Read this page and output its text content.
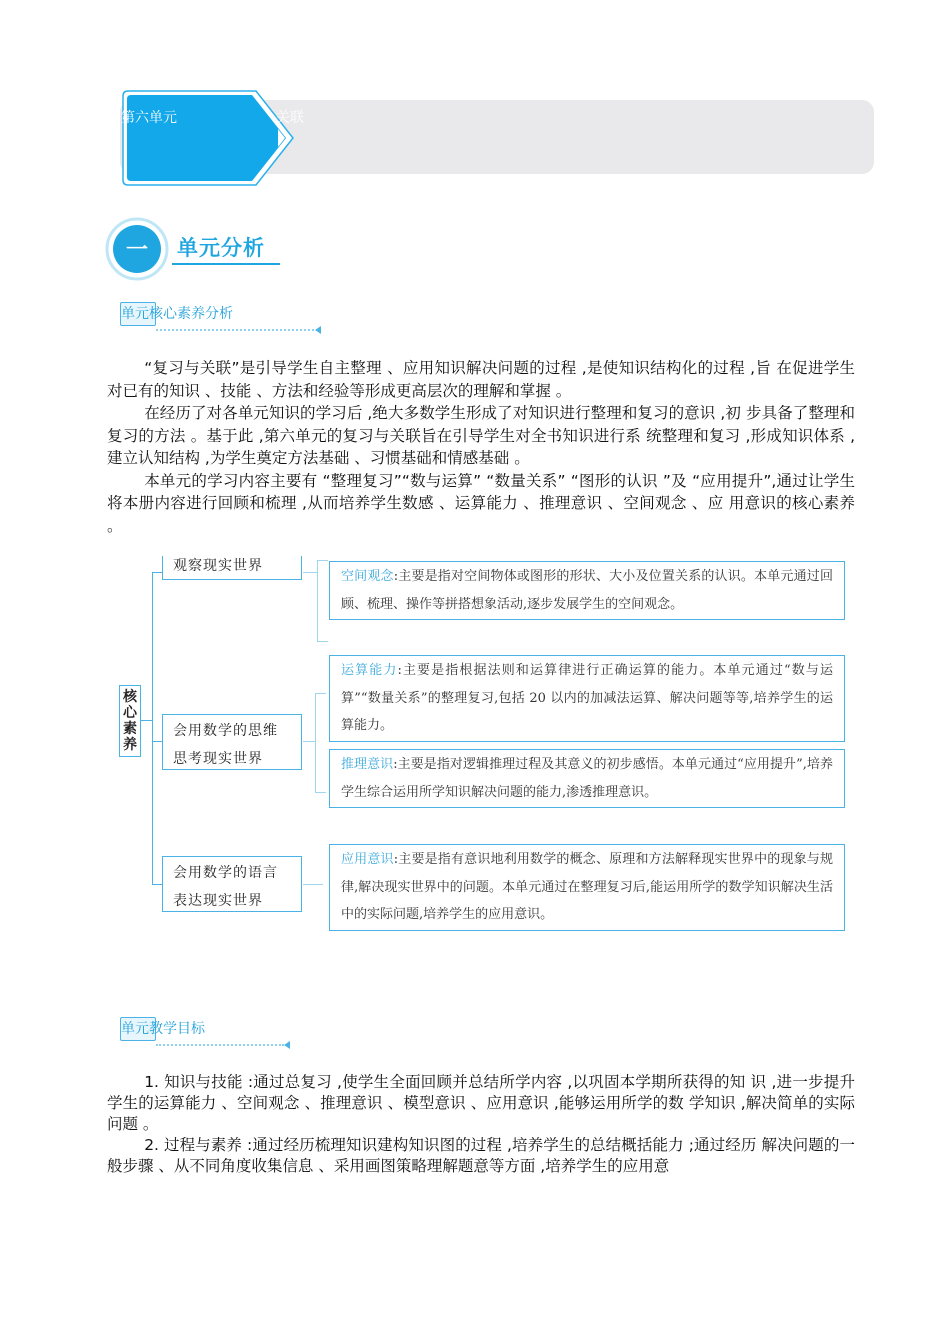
第六单元	关联
一 单元分析
单元核心素养分析

“复习与关联”是引导学生自主整理 、应用知识解决问题的过程 ,是使知识结构化的过程 ,旨 在促进学生对已有的知识 、技能 、方法和经验等形成更高层次的理解和掌握 。

在经历了对各单元知识的学习后 ,绝大多数学生形成了对知识进行整理和复习的意识 ,初 步具备了整理和复习的方法 。基于此 ,第六单元的复习与关联旨在引导学生对全书知识进行系 统整理和复习 ,形成知识体系 ,建立认知结构 ,为学生奠定方法基础 、习惯基础和情感基础 。

本单元的学习内容主要有 “整理复习”“数与运算” “数量关系” “图形的认识 ”及 “应用提升”,通过让学生将本册内容进行回顾和梳理 ,从而培养学生数感 、运算能力 、推理意识 、空间观念 、应 用意识的核心素养 。

核心素养
观察现实世界
会用数学的思维
思考现实世界
会用数学的语言
表达现实世界
空间观念:主要是指对空间物体或图形的形状、大小及位置关系的认识。本单元通过回顾、梳理、操作等拼搭想象活动,逐步发展学生的空间观念。
运算能力:主要是指根据法则和运算律进行正确运算的能力。本单元通过“数与运算”“数量关系”的整理复习,包括 20 以内的加减法运算、解决问题等等,培养学生的运算能力。
推理意识:主要是指对逻辑推理过程及其意义的初步感悟。本单元通过“应用提升”,培养学生综合运用所学知识解决问题的能力,渗透推理意识。
应用意识:主要是指有意识地利用数学的概念、原理和方法解释现实世界中的现象与规律,解决现实世界中的问题。本单元通过在整理复习后,能运用所学的数学知识解决生活中的实际问题,培养学生的应用意识。
单元教学目标

1. 知识与技能 :通过总复习 ,使学生全面回顾并总结所学内容 ,以巩固本学期所获得的知 识 ,进一步提升学生的运算能力 、空间观念 、推理意识 、模型意识 、应用意识 ,能够运用所学的数 学知识 ,解决简单的实际问题 。

2. 过程与素养 :通过经历梳理知识建构知识图的过程 ,培养学生的总结概括能力 ;通过经历 解决问题的一般步骤 、从不同角度收集信息 、采用画图策略理解题意等方面 ,培养学生的应用意
